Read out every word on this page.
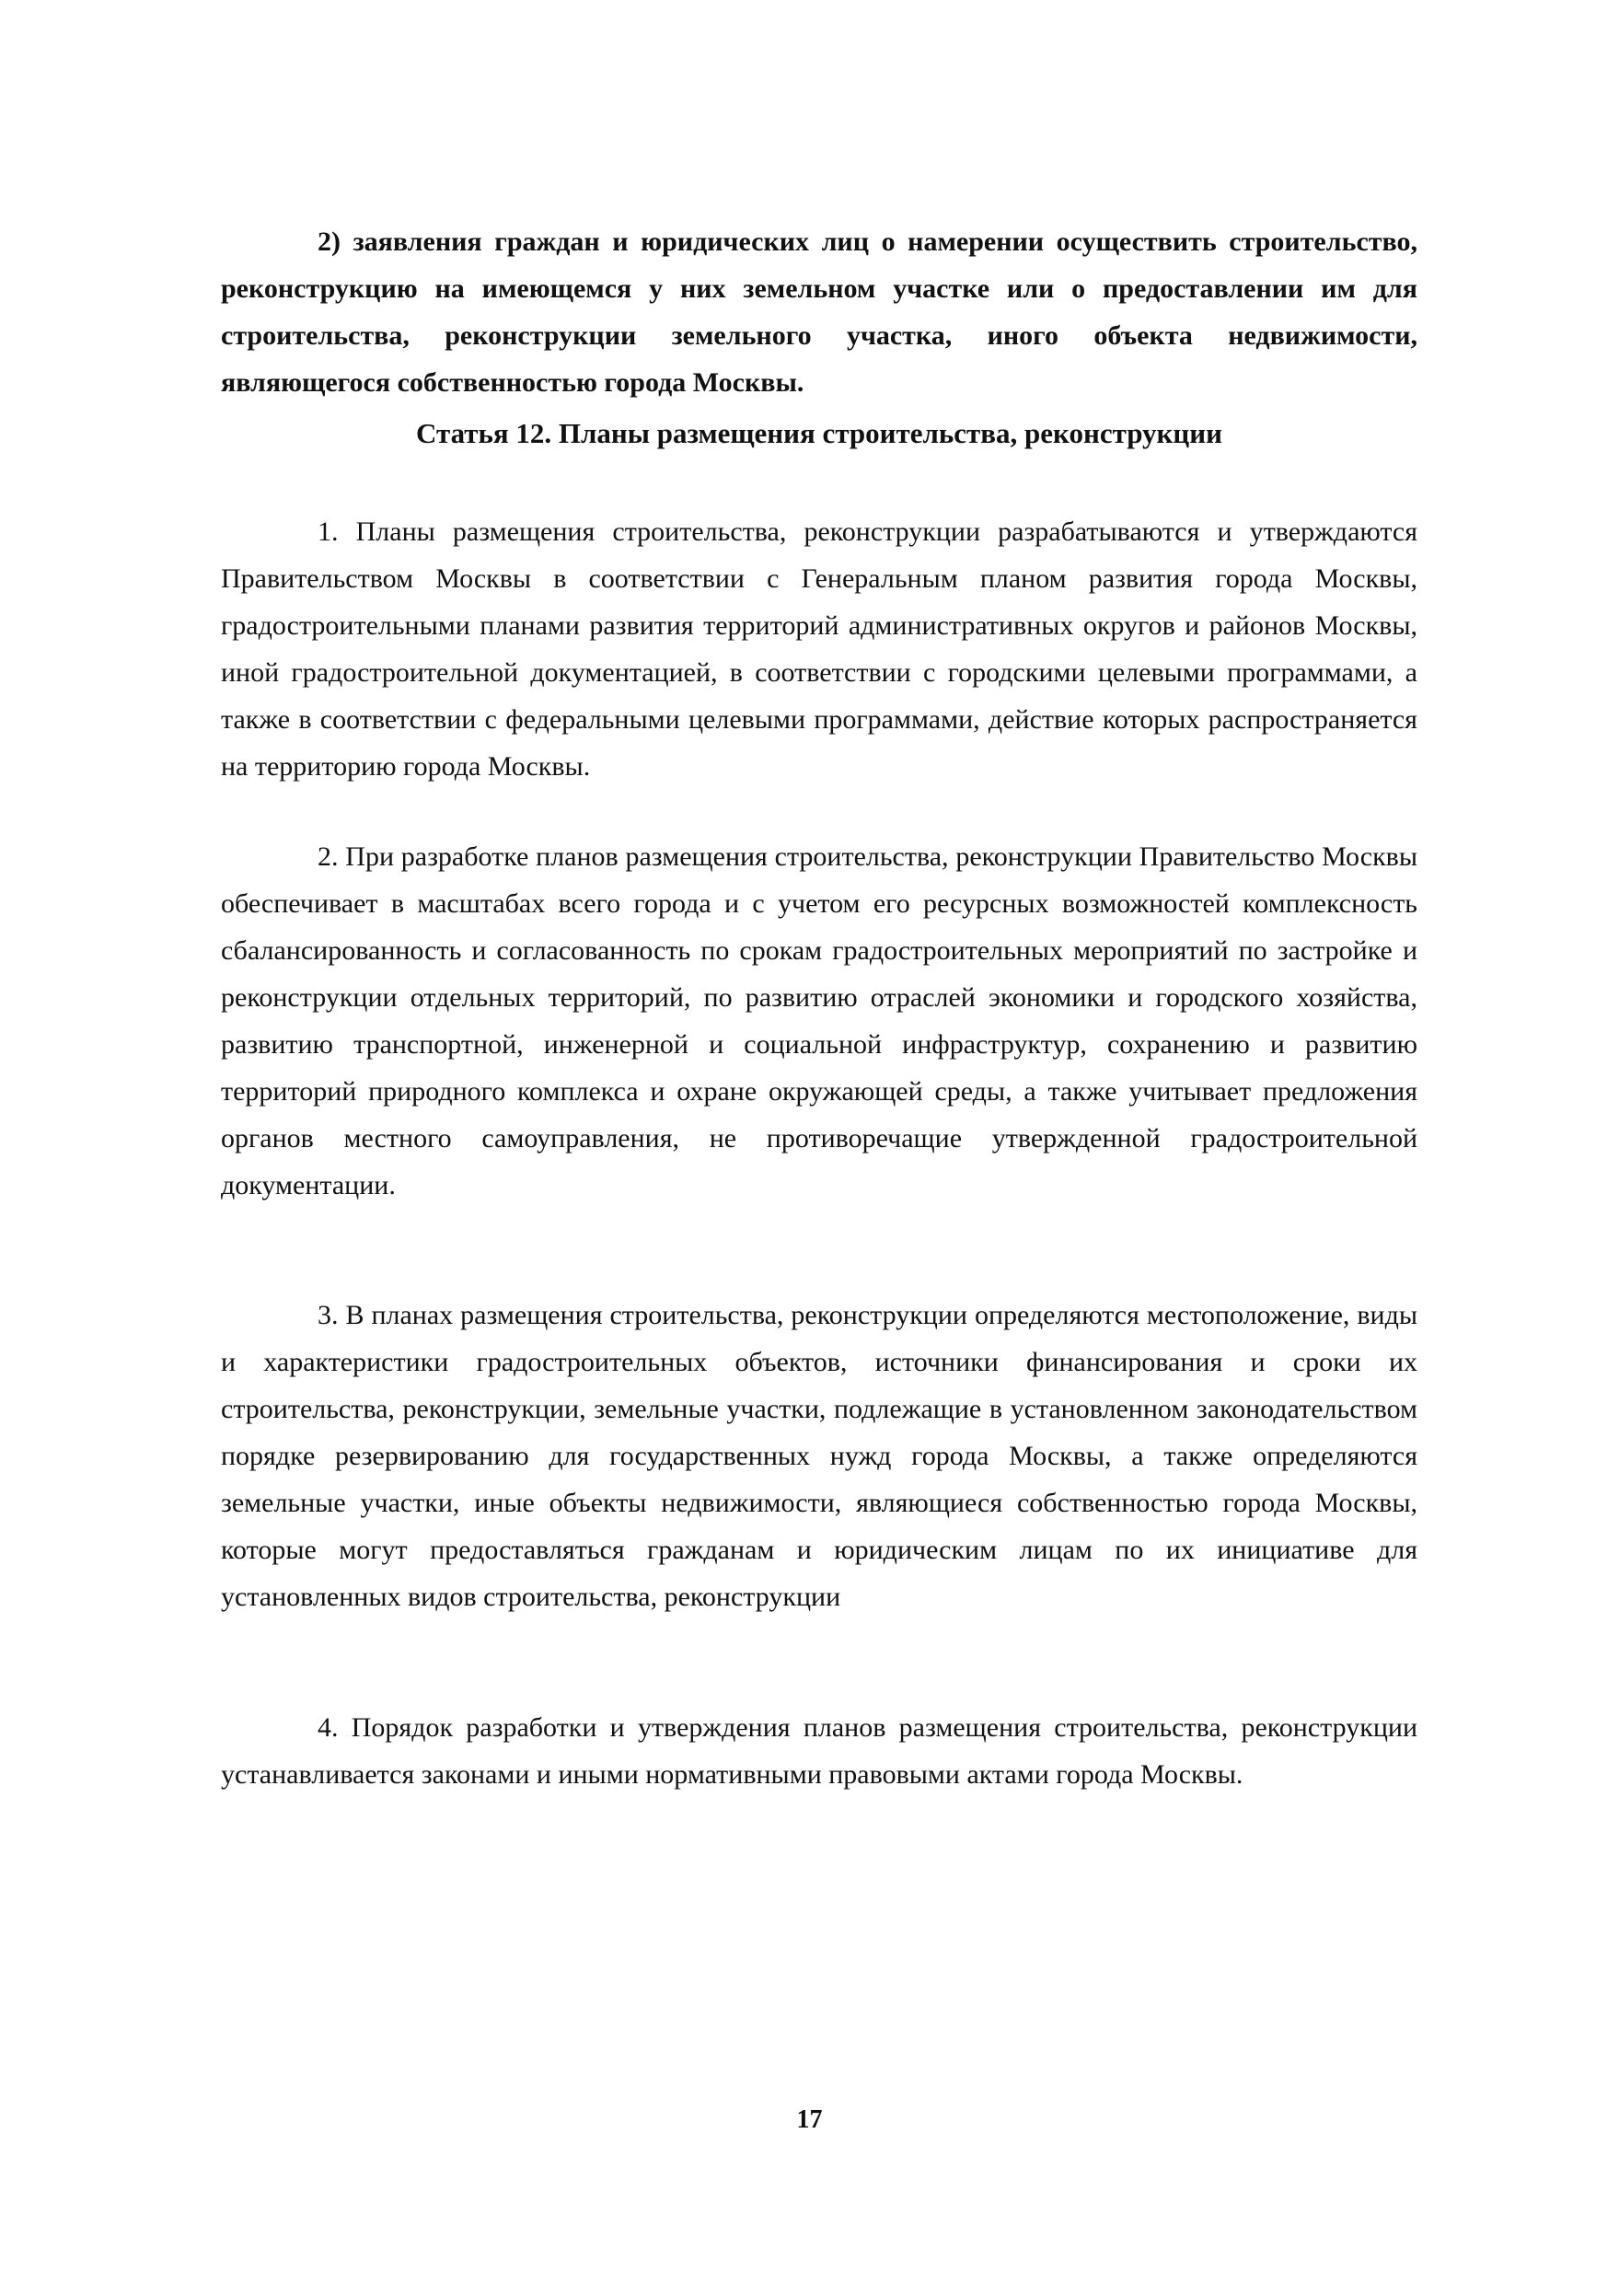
2) заявления граждан и юридических лиц о намерении осуществить строительство, реконструкцию на имеющемся у них земельном участке или о предоставлении им для строительства, реконструкции земельного участка, иного объекта недвижимости, являющегося собственностью города Москвы.

Статья 12. Планы размещения строительства, реконструкции

1. Планы размещения строительства, реконструкции разрабатываются и утверждаются Правительством Москвы в соответствии с Генеральным планом развития города Москвы, градостроительными планами развития территорий административных округов и районов Москвы, иной градостроительной документацией, в соответствии с городскими целевыми программами, а также в соответствии с федеральными целевыми программами, действие которых распространяется на территорию города Москвы.

2. При разработке планов размещения строительства, реконструкции Правительство Москвы обеспечивает в масштабах всего города и с учетом его ресурсных возможностей комплексность сбалансированность и согласованность по срокам градостроительных мероприятий по застройке и реконструкции отдельных территорий, по развитию отраслей экономики и городского хозяйства, развитию транспортной, инженерной и социальной инфраструктур, сохранению и развитию территорий природного комплекса и охране окружающей среды, а также учитывает предложения органов местного самоуправления, не противоречащие утвержденной градостроительной документации.

3. В планах размещения строительства, реконструкции определяются местоположение, виды и характеристики градостроительных объектов, источники финансирования и сроки их строительства, реконструкции, земельные участки, подлежащие в установленном законодательством порядке резервированию для государственных нужд города Москвы, а также определяются земельные участки, иные объекты недвижимости, являющиеся собственностью города Москвы, которые могут предоставляться гражданам и юридическим лицам по их инициативе для установленных видов строительства, реконструкции

4. Порядок разработки и утверждения планов размещения строительства, реконструкции устанавливается законами и иными нормативными правовыми актами города Москвы.

17
